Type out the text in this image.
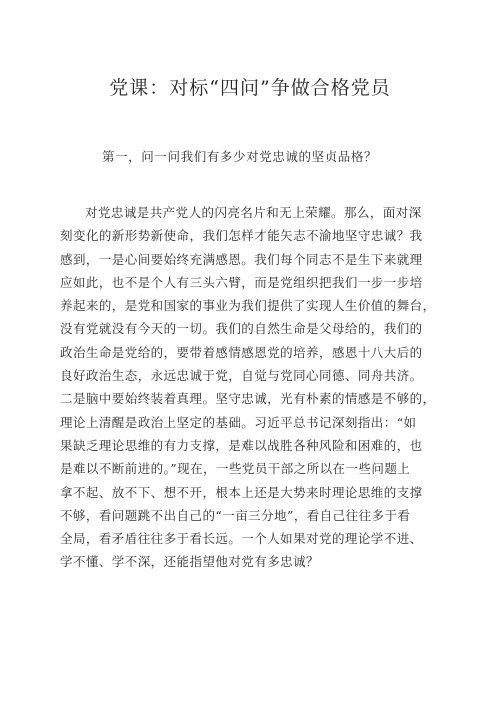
党课：对标“四问”争做合格党员
第一，问一问我们有多少对党忠诚的坚贞品格？
对党忠诚是共产党人的闪亮名片和无上荣耀。那么，面对深
刻变化的新形势新使命，我们怎样才能矢志不渝地坚守忠诚？我
感到，一是心间要始终充满感恩。我们每个同志不是生下来就理
应如此，也不是个人有三头六臂，而是党组织把我们一步一步培
养起来的，是党和国家的事业为我们提供了实现人生价值的舞台，
没有党就没有今天的一切。我们的自然生命是父母给的，我们的
政治生命是党给的，要带着感情感恩党的培养，感恩十八大后的
良好政治生态，永远忠诚于党，自觉与党同心同德、同舟共济。
二是脑中要始终装着真理。坚守忠诚，光有朴素的情感是不够的，
理论上清醒是政治上坚定的基础。习近平总书记深刻指出：“如
果缺乏理论思维的有力支撑，是难以战胜各种风险和困难的，也
是难以不断前进的。”现在，一些党员干部之所以在一些问题上
拿不起、放不下、想不开，根本上还是大势来时理论思维的支撑
不够，看问题跳不出自己的“一亩三分地”，看自己往往多于看
全局，看矛盾往往多于看长远。一个人如果对党的理论学不进、
学不懂、学不深，还能指望他对党有多忠诚？
